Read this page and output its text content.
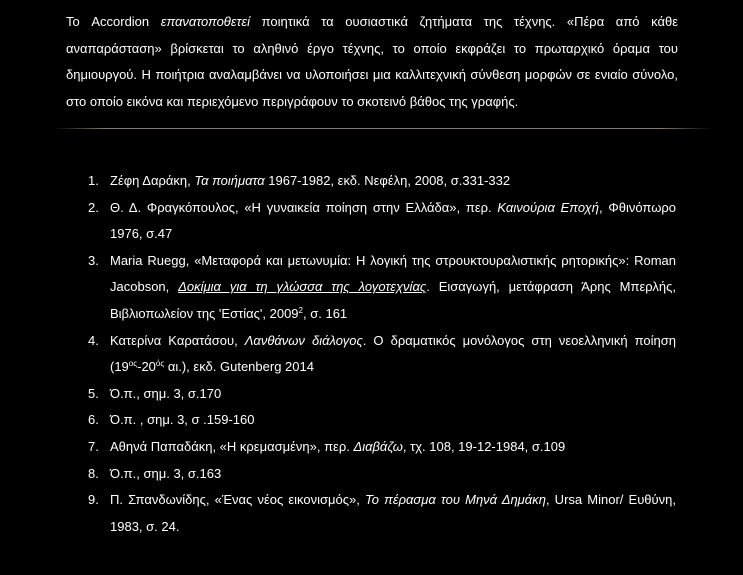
Το Accordion επανατοποθετεί ποιητικά τα ουσιαστικά ζητήματα της τέχνης. «Πέρα από κάθε αναπαράσταση» βρίσκεται το αληθινό έργο τέχνης, το οποίο εκφράζει το πρωταρχικό όραμα του δημιουργού. Η ποιήτρια αναλαμβάνει να υλοποιήσει μια καλλιτεχνική σύνθεση μορφών σε ενιαίο σύνολο, στο οποίο εικόνα και περιεχόμενο περιγράφουν το σκοτεινό βάθος της γραφής.

1. Ζέφη Δαράκη, Τα ποιήματα 1967-1982, εκδ. Νεφέλη, 2008, σ.331-332
2. Θ. Δ. Φραγκόπουλος, «Η γυναικεία ποίηση στην Ελλάδα», περ. Καινούρια Εποχή, Φθινόπωρο 1976, σ.47
3. Maria Ruegg, «Μεταφορά και μετωνυμία: Η λογική της στρουκτουραλιστικής ρητορικής»: Roman Jacobson, Δοκίμια για τη γλώσσα της λογοτεχνίας. Εισαγωγή, μετάφραση Άρης Μπερλής, Βιβλιοπωλείον της 'Εστίας', 2009$^2$, σ. 161
4. Κατερίνα Καρατάσου, Λανθάνων διάλογος. Ο δραματικός μονόλογος στη νεοελληνική ποίηση ($19^{o\varsigma}-20^{ό\varsigma}$ αι.), εκδ. Gutenberg 2014
5. Ό.π., σημ. 3, σ.170
6. Ό.π. , σημ. 3, σ .159-160
7. Αθηνά Παπαδάκη, «Η κρεμασμένη», περ. Διαβάζω, τχ. 108, 19-12-1984, σ.109
8. Ό.π., σημ. 3, σ.163
9. Π. Σπανδωνίδης, «Ένας νέος εικονισμός», Το πέρασμα του Μηνά Δημάκη, Ursa Minor/ Ευθύνη, 1983, σ. 24.
